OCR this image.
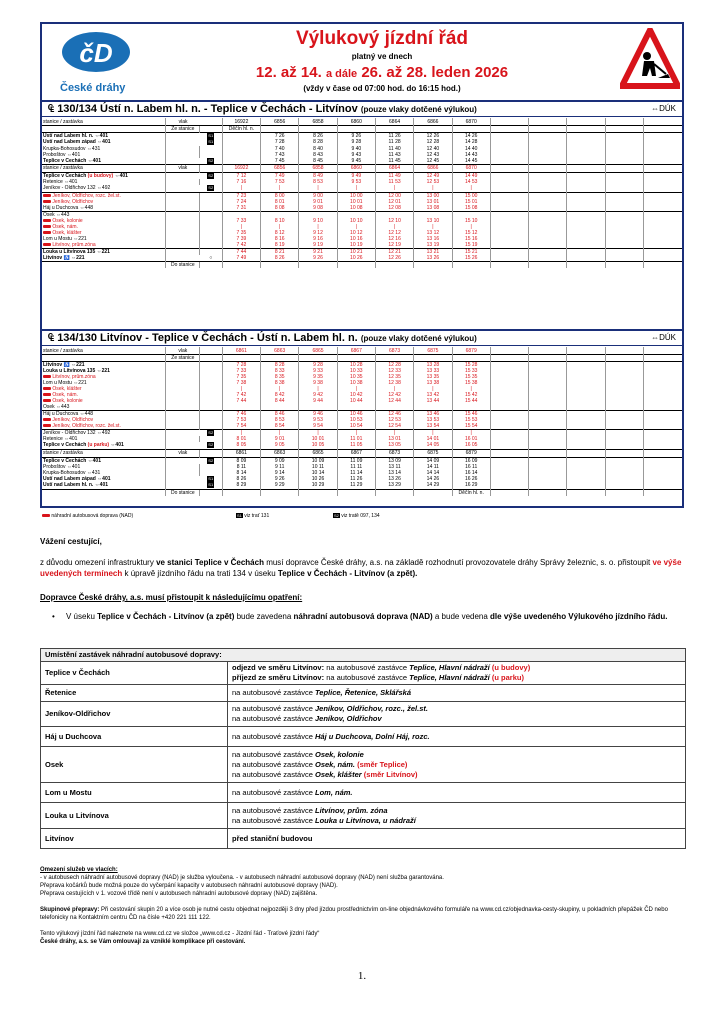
čD
České dráhy
Výlukový jízdní řád
platný ve dnech
12. až 14. a dále 26. až 28. leden 2026
(vždy v čase od 07:00 hod. do 16:15 hod.)
₠ 130/134 Ústí n. Labem hl. n. - Teplice v Čechách - Litvínov (pouze vlaky dotčené výlukou)	⇔DÚK
stanice / zastávka	vlak		16922	6856	6858	6860	6864	6866	6870					
	Ze stanice		Děčín hl. n.											
Ústí nad Labem hl. n. ⇔401		S1		7 26	8 26	9 26	11 26	12 26	14 26					
Ústí nad Labem západ ⇔401		S1		7 28	8 28	9 28	11 28	12 28	14 28					
Krupka-Bohosudov ⇔431				7 40	8 40	9 40	11 40	12 40	14 40					
Proboštov ⇔401				7 43	8 43	9 43	11 43	12 43	14 43					
Teplice v Čechách ⇔401		S2		7 45	8 45	9 45	11 45	12 45	14 45					
stanice / zastávka	vlak		16922	6856	6858	6860	6864	6866	6870					
Teplice v Čechách (u budovy) ⇔401		S2	7 12	7 49	8 49	9 49	11 49	12 49	14 49					
Řetenice ⇔401			7 16	7 53	8 53	9 53	11 53	12 53	14 53					
Jeníkov - Oldřichov 132 ⇔492		S2	|	|	|	|	|	|	|					
Jeníkov, Oldřichov, rozc. žel.st.			7 23	8 00	9 00	10 00	12 00	13 00	15 00					
Jeníkov, Oldřichov			7 24	8 01	9 01	10 01	12 01	13 01	15 01					
Háj u Duchcova ⇔448			7 31	8 08	9 08	10 08	12 08	13 08	15 08					
Osek ⇔443														
Osek, kolonie			7 33	8 10	9 10	10 10	12 10	13 10	15 10					
Osek, nám.			|	|	|	|	|	|	|					
Osek, klášter			7 35	8 12	9 12	10 12	12 12	13 12	15 12					
Lom u Mostu ⇔221			7 39	8 16	9 16	10 16	12 16	13 16	15 16					
Litvínov, prům.zóna			7 42	8 19	9 19	10 19	12 19	13 19	15 19					
Louka u Litvínova 135 ⇔221			7 44	8 21	9 21	10 21	12 21	13 21	15 21					
Litvínov ♿ ⇔221		○	7 49	8 26	9 26	10 26	12 26	13 26	15 26					
	Do stanice													
₠ 134/130 Litvínov - Teplice v Čechách - Ústí n. Labem hl. n. (pouze vlaky dotčené výlukou)	⇔DÚK
stanice / zastávka	vlak		6861	6863	6865	6867	6873	6875	6879					
	Ze stanice													
Litvínov ♿ ⇔221			7 28	8 28	9 28	10 28	12 28	13 28	15 28					
Louka u Litvínova 135 ⇔221			7 33	8 33	9 33	10 33	12 33	13 33	15 33					
Litvínov, prům.zóna			7 35	8 35	9 35	10 35	12 35	13 35	15 35					
Lom u Mostu ⇔221			7 38	8 38	9 38	10 38	12 38	13 38	15 38					
Osek, klášter			|	|	|	|	|	|	|					
Osek, nám.			7 42	8 42	9 42	10 42	12 42	13 42	15 42					
Osek, kolonie			7 44	8 44	9 44	10 44	12 44	13 44	15 44					
Osek ⇔443														
Háj u Duchcova ⇔448			7 46	8 46	9 46	10 46	12 46	13 46	15 46					
Jeníkov, Oldřichov			7 53	8 53	9 53	10 53	12 53	13 53	15 53					
Jeníkov, Oldřichov, rozc. žel.st.			7 54	8 54	9 54	10 54	12 54	13 54	15 54					
Jeníkov - Oldřichov 132 ⇔492		S2	|	|	|	|	|	|	|					
Řetenice ⇔401			8 01	9 01	10 01	11 01	13 01	14 01	16 01					
Teplice v Čechách (u parku) ⇔401		S2	8 05	9 05	10 05	11 05	13 05	14 05	16 05					
stanice / zastávka	vlak		6861	6863	6865	6867	6873	6875	6879					
Teplice v Čechách ⇔401		S2	8 09	9 09	10 09	11 09	13 09	14 09	16 09					
Proboštov ⇔401			8 11	9 11	10 11	11 11	13 11	14 11	16 11					
Krupka-Bohosudov ⇔431			8 14	9 14	10 14	11 14	13 14	14 14	16 14					
Ústí nad Labem západ ⇔401		S1	8 26	9 26	10 26	11 26	13 26	14 26	16 26					
Ústí nad Labem hl. n. ⇔401		S1	8 29	9 29	10 29	11 29	13 29	14 29	16 29					
	Do stanice								Děčín hl. n.					
náhradní autobusová doprava (NAD)	S1 viz trať 131	S2 viz tratě 097, 134
Vážení cestující,
z důvodu omezení infrastruktury ve stanici Teplice v Čechách musí dopravce České dráhy, a.s. na základě rozhodnutí provozovatele dráhy Správy železnic, s. o. přistoupit ve výše uvedených termínech k úpravě jízdního řádu na trati 134 v úseku Teplice v Čechách - Litvínov (a zpět).
Dopravce České dráhy, a.s. musí přistoupit k následujícímu opatření:
• V úseku Teplice v Čechách - Litvínov (a zpět) bude zavedena náhradní autobusová doprava (NAD) a bude vedena dle výše uvedeného Výlukového jízdního řádu.
Umístění zastávek náhradní autobusové dopravy:	
Teplice v Čechách	odjezd ve směru Litvínov: na autobusové zastávce Teplice, Hlavní nádraží (u budovy)
příjezd ze směru Litvínov: na autobusové zastávce Teplice, Hlavní nádraží (u parku)
Řetenice	na autobusové zastávce Teplice, Řetenice, Sklářská
Jeníkov-Oldřichov	na autobusové zastávce Jeníkov, Oldřichov, rozc., žel.st.
na autobusové zastávce Jeníkov, Oldřichov
Háj u Duchcova	na autobusové zastávce Háj u Duchcova, Dolní Háj, rozc.
Osek	na autobusové zastávce Osek, kolonie
na autobusové zastávce Osek, nám. (směr Teplice)
na autobusové zastávce Osek, klášter (směr Litvínov)
Lom u Mostu	na autobusové zastávce Lom, nám.
Louka u Litvínova	na autobusové zastávce Litvínov, prům. zóna
na autobusové zastávce Louka u Litvínova, u nádraží
Litvínov	před staniční budovou
Omezení služeb ve vlacích:
- v autobusech náhradní autobusové dopravy (NAD) je služba vyloučena. - v autobusech náhradní autobusové dopravy (NAD) není služba garantována.
Přeprava kočárků bude možná pouze do vyčerpání kapacity v autobusech náhradní autobusové dopravy (NAD).
Přeprava cestujících v 1. vozové třídě není v autobusech náhradní autobusové dopravy (NAD) zajištěna.
Skupinové přepravy: Při cestování skupin 20 a více osob je nutné cestu objednat nejpozději 3 dny před jízdou prostřednictvím on-line objednávkového formuláře na www.cd.cz/objednavka-cesty-skupiny, u pokladních přepážek ČD nebo telefonicky na Kontaktním centru ČD na čísle +420 221 111 122.
Tento výlukový jízdní řád naleznete na www.cd.cz ve složce „www.cd.cz - Jízdní řád - Traťové jízdní řády“
České dráhy, a.s. se Vám omlouvají za vzniklé komplikace při cestování.
1.
